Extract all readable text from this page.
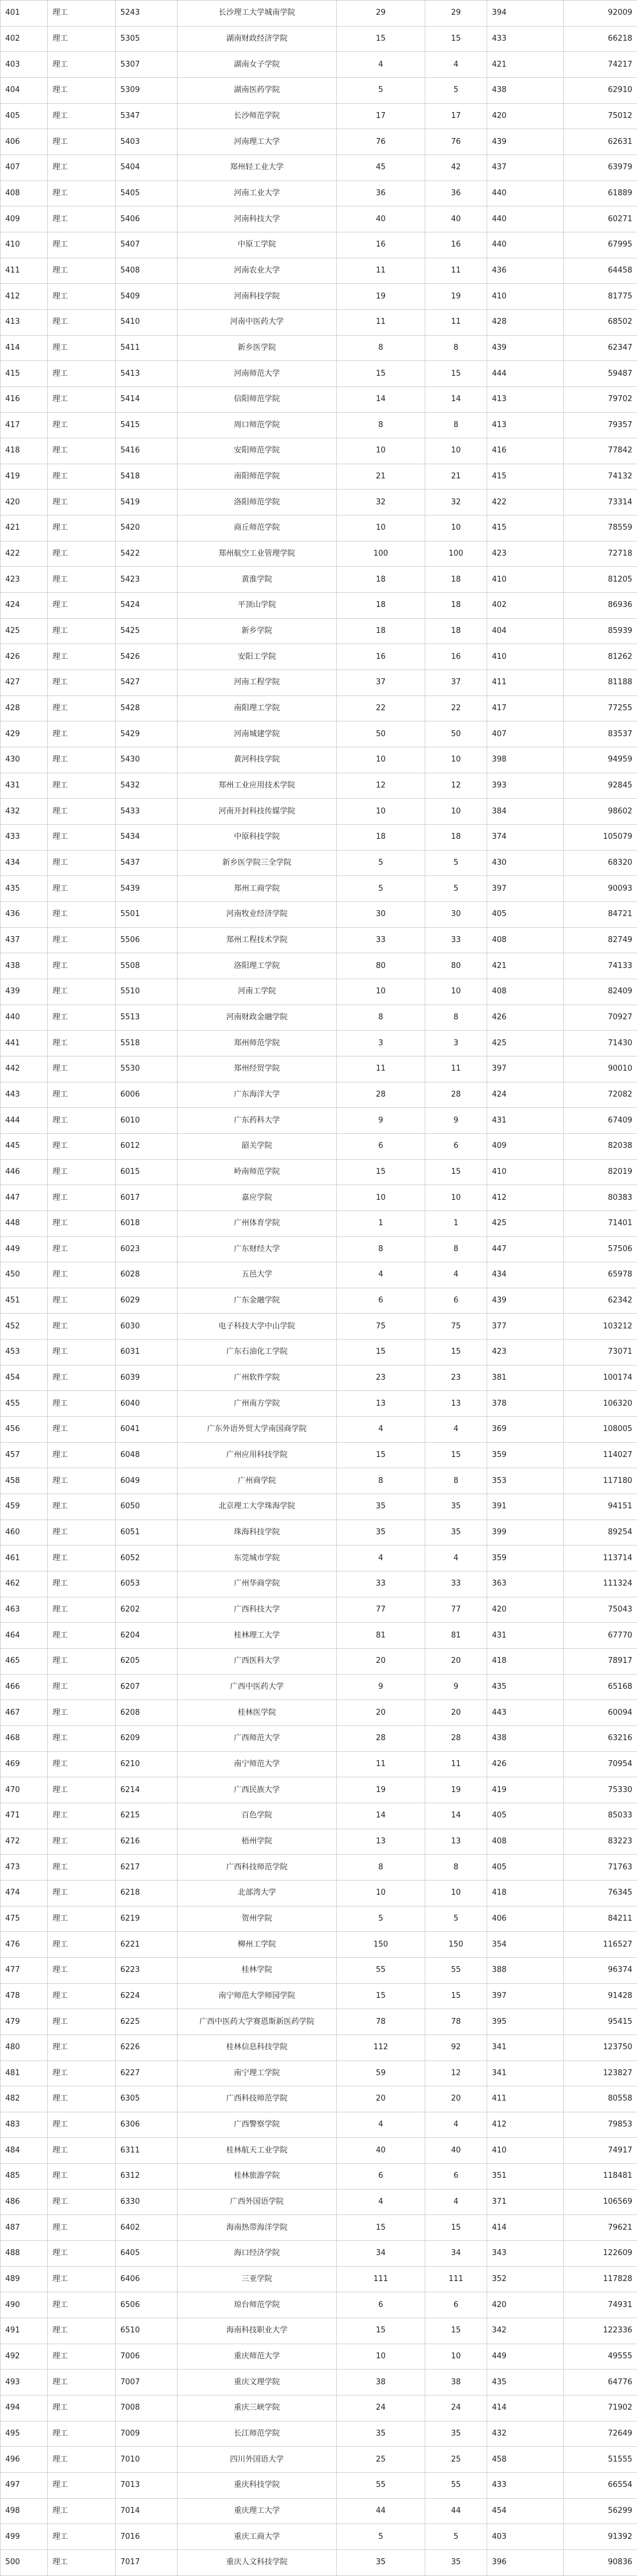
401	理工	5243	长沙理工大学城南学院	29	29	394	92009
402	理工	5305	湖南财政经济学院	15	15	433	66218
403	理工	5307	湖南女子学院	4	4	421	74217
404	理工	5309	湖南医药学院	5	5	438	62910
405	理工	5347	长沙师范学院	17	17	420	75012
406	理工	5403	河南理工大学	76	76	439	62631
407	理工	5404	郑州轻工业大学	45	42	437	63979
408	理工	5405	河南工业大学	36	36	440	61889
409	理工	5406	河南科技大学	40	40	440	60271
410	理工	5407	中原工学院	16	16	440	67995
411	理工	5408	河南农业大学	11	11	436	64458
412	理工	5409	河南科技学院	19	19	410	81775
413	理工	5410	河南中医药大学	11	11	428	68502
414	理工	5411	新乡医学院	8	8	439	62347
415	理工	5413	河南师范大学	15	15	444	59487
416	理工	5414	信阳师范学院	14	14	413	79702
417	理工	5415	周口师范学院	8	8	413	79357
418	理工	5416	安阳师范学院	10	10	416	77842
419	理工	5418	南阳师范学院	21	21	415	74132
420	理工	5419	洛阳师范学院	32	32	422	73314
421	理工	5420	商丘师范学院	10	10	415	78559
422	理工	5422	郑州航空工业管理学院	100	100	423	72718
423	理工	5423	黄淮学院	18	18	410	81205
424	理工	5424	平顶山学院	18	18	402	86936
425	理工	5425	新乡学院	18	18	404	85939
426	理工	5426	安阳工学院	16	16	410	81262
427	理工	5427	河南工程学院	37	37	411	81188
428	理工	5428	南阳理工学院	22	22	417	77255
429	理工	5429	河南城建学院	50	50	407	83537
430	理工	5430	黄河科技学院	10	10	398	94959
431	理工	5432	郑州工业应用技术学院	12	12	393	92845
432	理工	5433	河南开封科技传媒学院	10	10	384	98602
433	理工	5434	中原科技学院	18	18	374	105079
434	理工	5437	新乡医学院三全学院	5	5	430	68320
435	理工	5439	郑州工商学院	5	5	397	90093
436	理工	5501	河南牧业经济学院	30	30	405	84721
437	理工	5506	郑州工程技术学院	33	33	408	82749
438	理工	5508	洛阳理工学院	80	80	421	74133
439	理工	5510	河南工学院	10	10	408	82409
440	理工	5513	河南财政金融学院	8	8	426	70927
441	理工	5518	郑州师范学院	3	3	425	71430
442	理工	5530	郑州经贸学院	11	11	397	90010
443	理工	6006	广东海洋大学	28	28	424	72082
444	理工	6010	广东药科大学	9	9	431	67409
445	理工	6012	韶关学院	6	6	409	82038
446	理工	6015	岭南师范学院	15	15	410	82019
447	理工	6017	嘉应学院	10	10	412	80383
448	理工	6018	广州体育学院	1	1	425	71401
449	理工	6023	广东财经大学	8	8	447	57506
450	理工	6028	五邑大学	4	4	434	65978
451	理工	6029	广东金融学院	6	6	439	62342
452	理工	6030	电子科技大学中山学院	75	75	377	103212
453	理工	6031	广东石油化工学院	15	15	423	73071
454	理工	6039	广州软件学院	23	23	381	100174
455	理工	6040	广州南方学院	13	13	378	106320
456	理工	6041	广东外语外贸大学南国商学院	4	4	369	108005
457	理工	6048	广州应用科技学院	15	15	359	114027
458	理工	6049	广州商学院	8	8	353	117180
459	理工	6050	北京理工大学珠海学院	35	35	391	94151
460	理工	6051	珠海科技学院	35	35	399	89254
461	理工	6052	东莞城市学院	4	4	359	113714
462	理工	6053	广州华商学院	33	33	363	111324
463	理工	6202	广西科技大学	77	77	420	75043
464	理工	6204	桂林理工大学	81	81	431	67770
465	理工	6205	广西医科大学	20	20	418	78917
466	理工	6207	广西中医药大学	9	9	435	65168
467	理工	6208	桂林医学院	20	20	443	60094
468	理工	6209	广西师范大学	28	28	438	63216
469	理工	6210	南宁师范大学	11	11	426	70954
470	理工	6214	广西民族大学	19	19	419	75330
471	理工	6215	百色学院	14	14	405	85033
472	理工	6216	梧州学院	13	13	408	83223
473	理工	6217	广西科技师范学院	8	8	405	71763
474	理工	6218	北部湾大学	10	10	418	76345
475	理工	6219	贺州学院	5	5	406	84211
476	理工	6221	柳州工学院	150	150	354	116527
477	理工	6223	桂林学院	55	55	388	96374
478	理工	6224	南宁师范大学师园学院	15	15	397	91428
479	理工	6225	广西中医药大学赛恩斯新医药学院	78	78	395	95415
480	理工	6226	桂林信息科技学院	112	92	341	123750
481	理工	6227	南宁理工学院	59	12	341	123827
482	理工	6305	广西科技师范学院	20	20	411	80558
483	理工	6306	广西警察学院	4	4	412	79853
484	理工	6311	桂林航天工业学院	40	40	410	74917
485	理工	6312	桂林旅游学院	6	6	351	118481
486	理工	6330	广西外国语学院	4	4	371	106569
487	理工	6402	海南热带海洋学院	15	15	414	79621
488	理工	6405	海口经济学院	34	34	343	122609
489	理工	6406	三亚学院	111	111	352	117828
490	理工	6506	琼台师范学院	6	6	420	74931
491	理工	6510	海南科技职业大学	15	15	342	122336
492	理工	7006	重庆师范大学	10	10	449	49555
493	理工	7007	重庆文理学院	38	38	435	64776
494	理工	7008	重庆三峡学院	24	24	414	71902
495	理工	7009	长江师范学院	35	35	432	72649
496	理工	7010	四川外国语大学	25	25	458	51555
497	理工	7013	重庆科技学院	55	55	433	66554
498	理工	7014	重庆理工大学	44	44	454	56299
499	理工	7016	重庆工商大学	5	5	403	91392
500	理工	7017	重庆人文科技学院	35	35	396	90836
